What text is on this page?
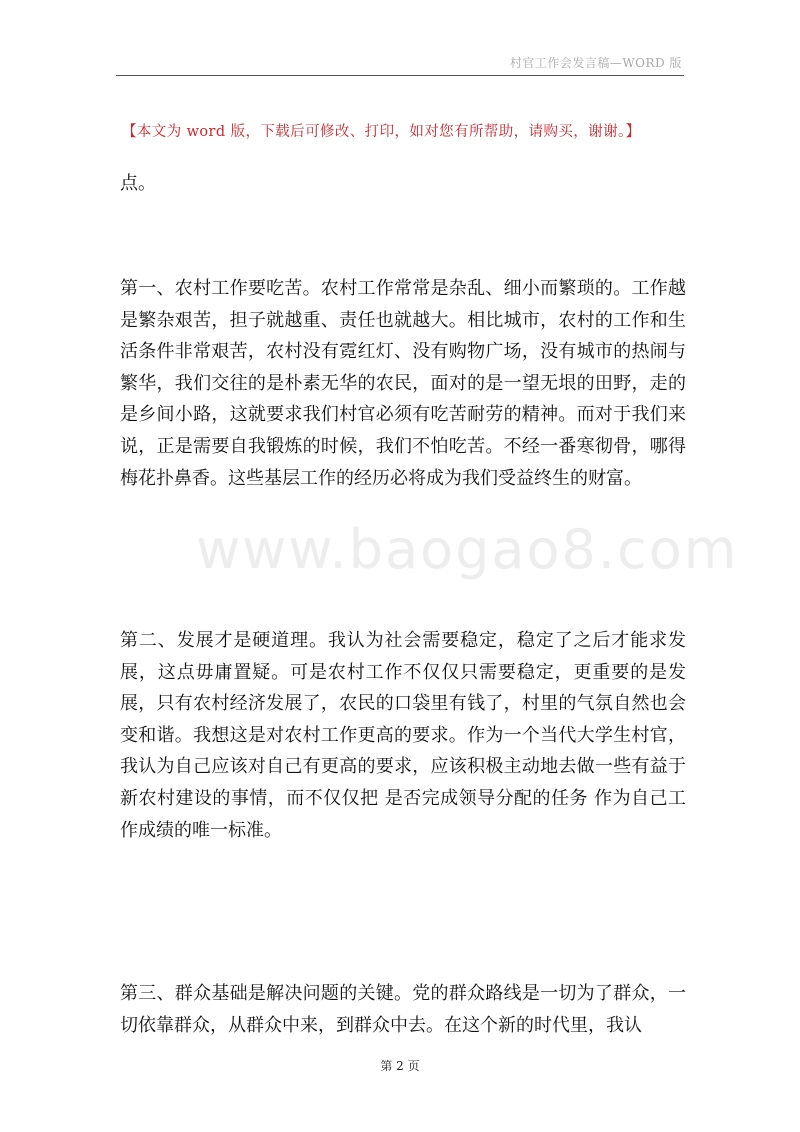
村官工作会发言稿—WORD 版
【本文为 word 版，下载后可修改、打印，如对您有所帮助，请购买，谢谢。】
点。
第一、农村工作要吃苦。农村工作常常是杂乱、细小而繁琐的。工作越是繁杂艰苦，担子就越重、责任也就越大。相比城市，农村的工作和生活条件非常艰苦，农村没有霓红灯、没有购物广场，没有城市的热闹与繁华，我们交往的是朴素无华的农民，面对的是一望无垠的田野，走的是乡间小路，这就要求我们村官必须有吃苦耐劳的精神。而对于我们来说，正是需要自我锻炼的时候，我们不怕吃苦。不经一番寒彻骨，哪得梅花扑鼻香。这些基层工作的经历必将成为我们受益终生的财富。
第二、发展才是硬道理。我认为社会需要稳定，稳定了之后才能求发展，这点毋庸置疑。可是农村工作不仅仅只需要稳定，更重要的是发展，只有农村经济发展了，农民的口袋里有钱了，村里的气氛自然也会变和谐。我想这是对农村工作更高的要求。作为一个当代大学生村官，我认为自己应该对自己有更高的要求，应该积极主动地去做一些有益于新农村建设的事情，而不仅仅把 是否完成领导分配的任务 作为自己工作成绩的唯一标准。
第三、群众基础是解决问题的关键。党的群众路线是一切为了群众，一切依靠群众，从群众中来，到群众中去。在这个新的时代里，我认
www.baogao8.com
第 2 页
